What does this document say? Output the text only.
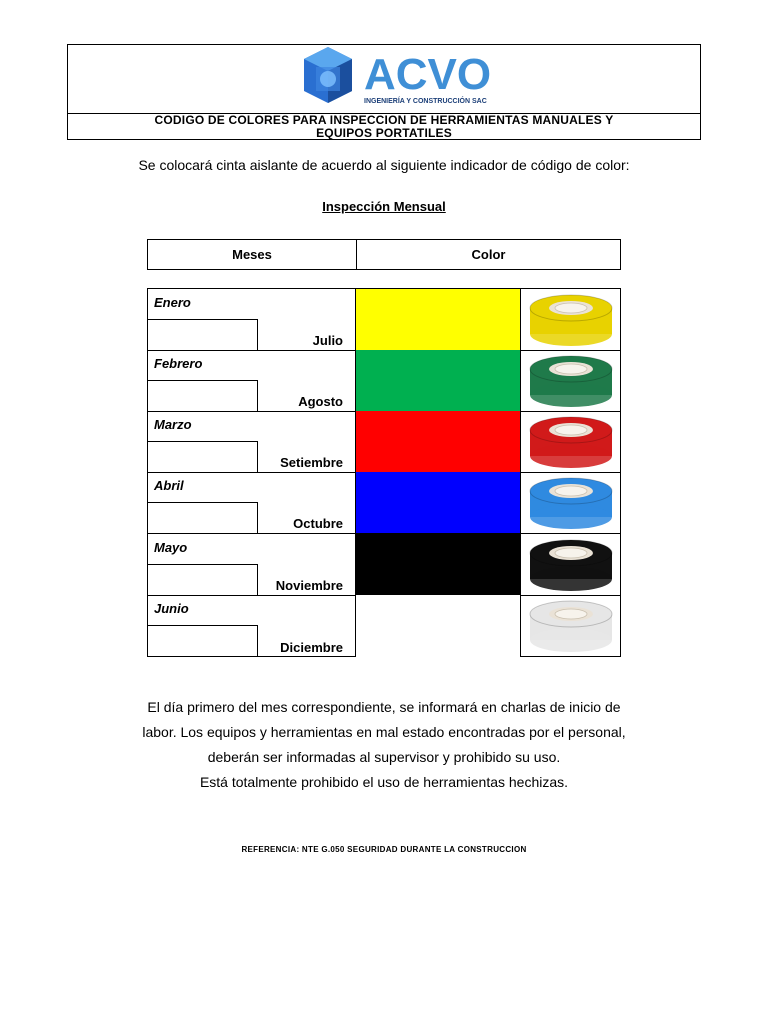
ACVO
INGENIERÍA Y CONSTRUCCIÓN SAC
CODIGO DE COLORES PARA INSPECCION DE HERRAMIENTAS MANUALES Y EQUIPOS PORTATILES
Se colocará cinta aislante de acuerdo al siguiente indicador de código de color:
Inspección Mensual
Meses	Color
Enero
Julio
Febrero
Agosto
Marzo
Setiembre
Abril
Octubre
Mayo
Noviembre
Junio
Diciembre
El día primero del mes correspondiente, se informará en charlas de inicio de
labor. Los equipos y herramientas en mal estado encontradas por el personal,
deberán ser informadas al supervisor y prohibido su uso.
Está totalmente prohibido el uso de herramientas hechizas.
REFERENCIA: NTE G.050 SEGURIDAD DURANTE LA CONSTRUCCION
